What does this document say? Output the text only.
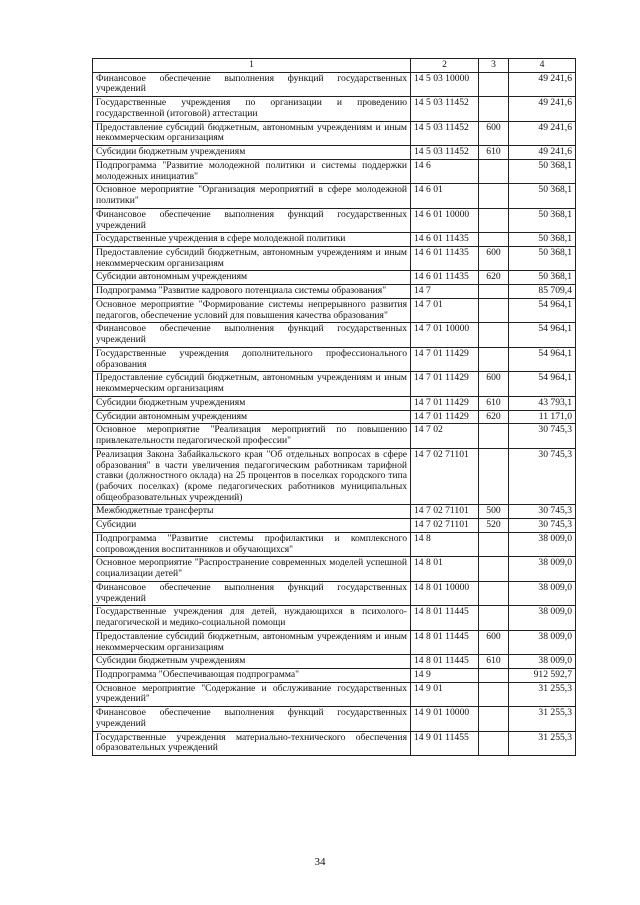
1	2	3	4
Финансовое обеспечение выполнения функций государственных учреждений	14 5 03 10000		49 241,6
Государственные учреждения по организации и проведению государственной (итоговой) аттестации	14 5 03 11452		49 241,6
Предоставление субсидий бюджетным, автономным учреждениям и иным некоммерческим организациям	14 5 03 11452	600	49 241,6
Субсидии бюджетным учреждениям	14 5 03 11452	610	49 241,6
Подпрограмма "Развитие молодежной политики и системы поддержки молодежных инициатив"	14 6		50 368,1
Основное мероприятие "Организация мероприятий в сфере молодежной политики"	14 6 01		50 368,1
Финансовое обеспечение выполнения функций государственных учреждений	14 6 01 10000		50 368,1
Государственные учреждения в сфере молодежной политики	14 6 01 11435		50 368,1
Предоставление субсидий бюджетным, автономным учреждениям и иным некоммерческим организациям	14 6 01 11435	600	50 368,1
Субсидии автономным учреждениям	14 6 01 11435	620	50 368,1
Подпрограмма "Развитие кадрового потенциала системы образования"	14 7		85 709,4
Основное мероприятие "Формирование системы непрерывного развития педагогов, обеспечение условий для повышения качества образования"	14 7 01		54 964,1
Финансовое обеспечение выполнения функций государственных учреждений	14 7 01 10000		54 964,1
Государственные учреждения дополнительного профессионального образования	14 7 01 11429		54 964,1
Предоставление субсидий бюджетным, автономным учреждениям и иным некоммерческим организациям	14 7 01 11429	600	54 964,1
Субсидии бюджетным учреждениям	14 7 01 11429	610	43 793,1
Субсидии автономным учреждениям	14 7 01 11429	620	11 171,0
Основное мероприятие "Реализация мероприятий по повышению привлекательности педагогической профессии"	14 7 02		30 745,3
Реализация Закона Забайкальского края "Об отдельных вопросах в сфере образования" в части увеличения педагогическим работникам тарифной ставки (должностного оклада) на 25 процентов в поселках городского типа (рабочих поселках) (кроме педагогических работников муниципальных общеобразовательных учреждений)	14 7 02 71101		30 745,3
Межбюджетные трансферты	14 7 02 71101	500	30 745,3
Субсидии	14 7 02 71101	520	30 745,3
Подпрограмма "Развитие системы профилактики и комплексного сопровождения воспитанников и обучающихся"	14 8		38 009,0
Основное мероприятие "Распространение современных моделей успешной социализации детей"	14 8 01		38 009,0
Финансовое обеспечение выполнения функций государственных учреждений	14 8 01 10000		38 009,0
Государственные учреждения для детей, нуждающихся в психолого-педагогической и медико-социальной помощи	14 8 01 11445		38 009,0
Предоставление субсидий бюджетным, автономным учреждениям и иным некоммерческим организациям	14 8 01 11445	600	38 009,0
Субсидии бюджетным учреждениям	14 8 01 11445	610	38 009,0
Подпрограмма "Обеспечивающая подпрограмма"	14 9		912 592,7
Основное мероприятие "Содержание и обслуживание государственных учреждений"	14 9 01		31 255,3
Финансовое обеспечение выполнения функций государственных учреждений	14 9 01 10000		31 255,3
Государственные учреждения материально-технического обеспечения образовательных учреждений	14 9 01 11455		31 255,3
34
